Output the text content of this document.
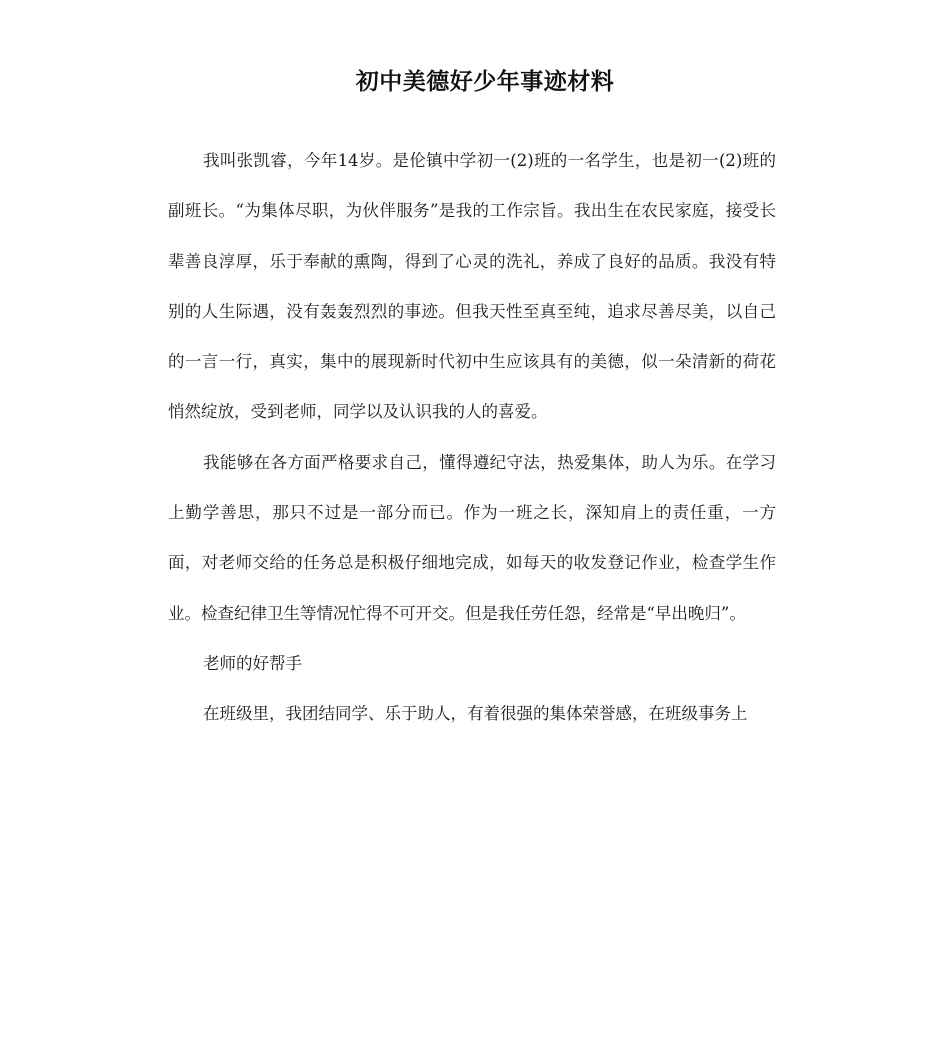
初中美德好少年事迹材料

我叫张凯睿，今年14岁。是伦镇中学初一(2)班的一名学生，也是初一(2)班的副班长。“为集体尽职，为伙伴服务”是我的工作宗旨。我出生在农民家庭，接受长辈善良淳厚，乐于奉献的熏陶，得到了心灵的洗礼，养成了良好的品质。我没有特别的人生际遇，没有轰轰烈烈的事迹。但我天性至真至纯，追求尽善尽美，以自己的一言一行，真实，集中的展现新时代初中生应该具有的美德，似一朵清新的荷花悄然绽放，受到老师，同学以及认识我的人的喜爱。

我能够在各方面严格要求自己，懂得遵纪守法，热爱集体，助人为乐。在学习上勤学善思，那只不过是一部分而已。作为一班之长，深知肩上的责任重，一方面，对老师交给的任务总是积极仔细地完成，如每天的收发登记作业，检查学生作业。检查纪律卫生等情况忙得不可开交。但是我任劳任怨，经常是“早出晚归”。

老师的好帮手

在班级里，我团结同学、乐于助人，有着很强的集体荣誉感，在班级事务上
